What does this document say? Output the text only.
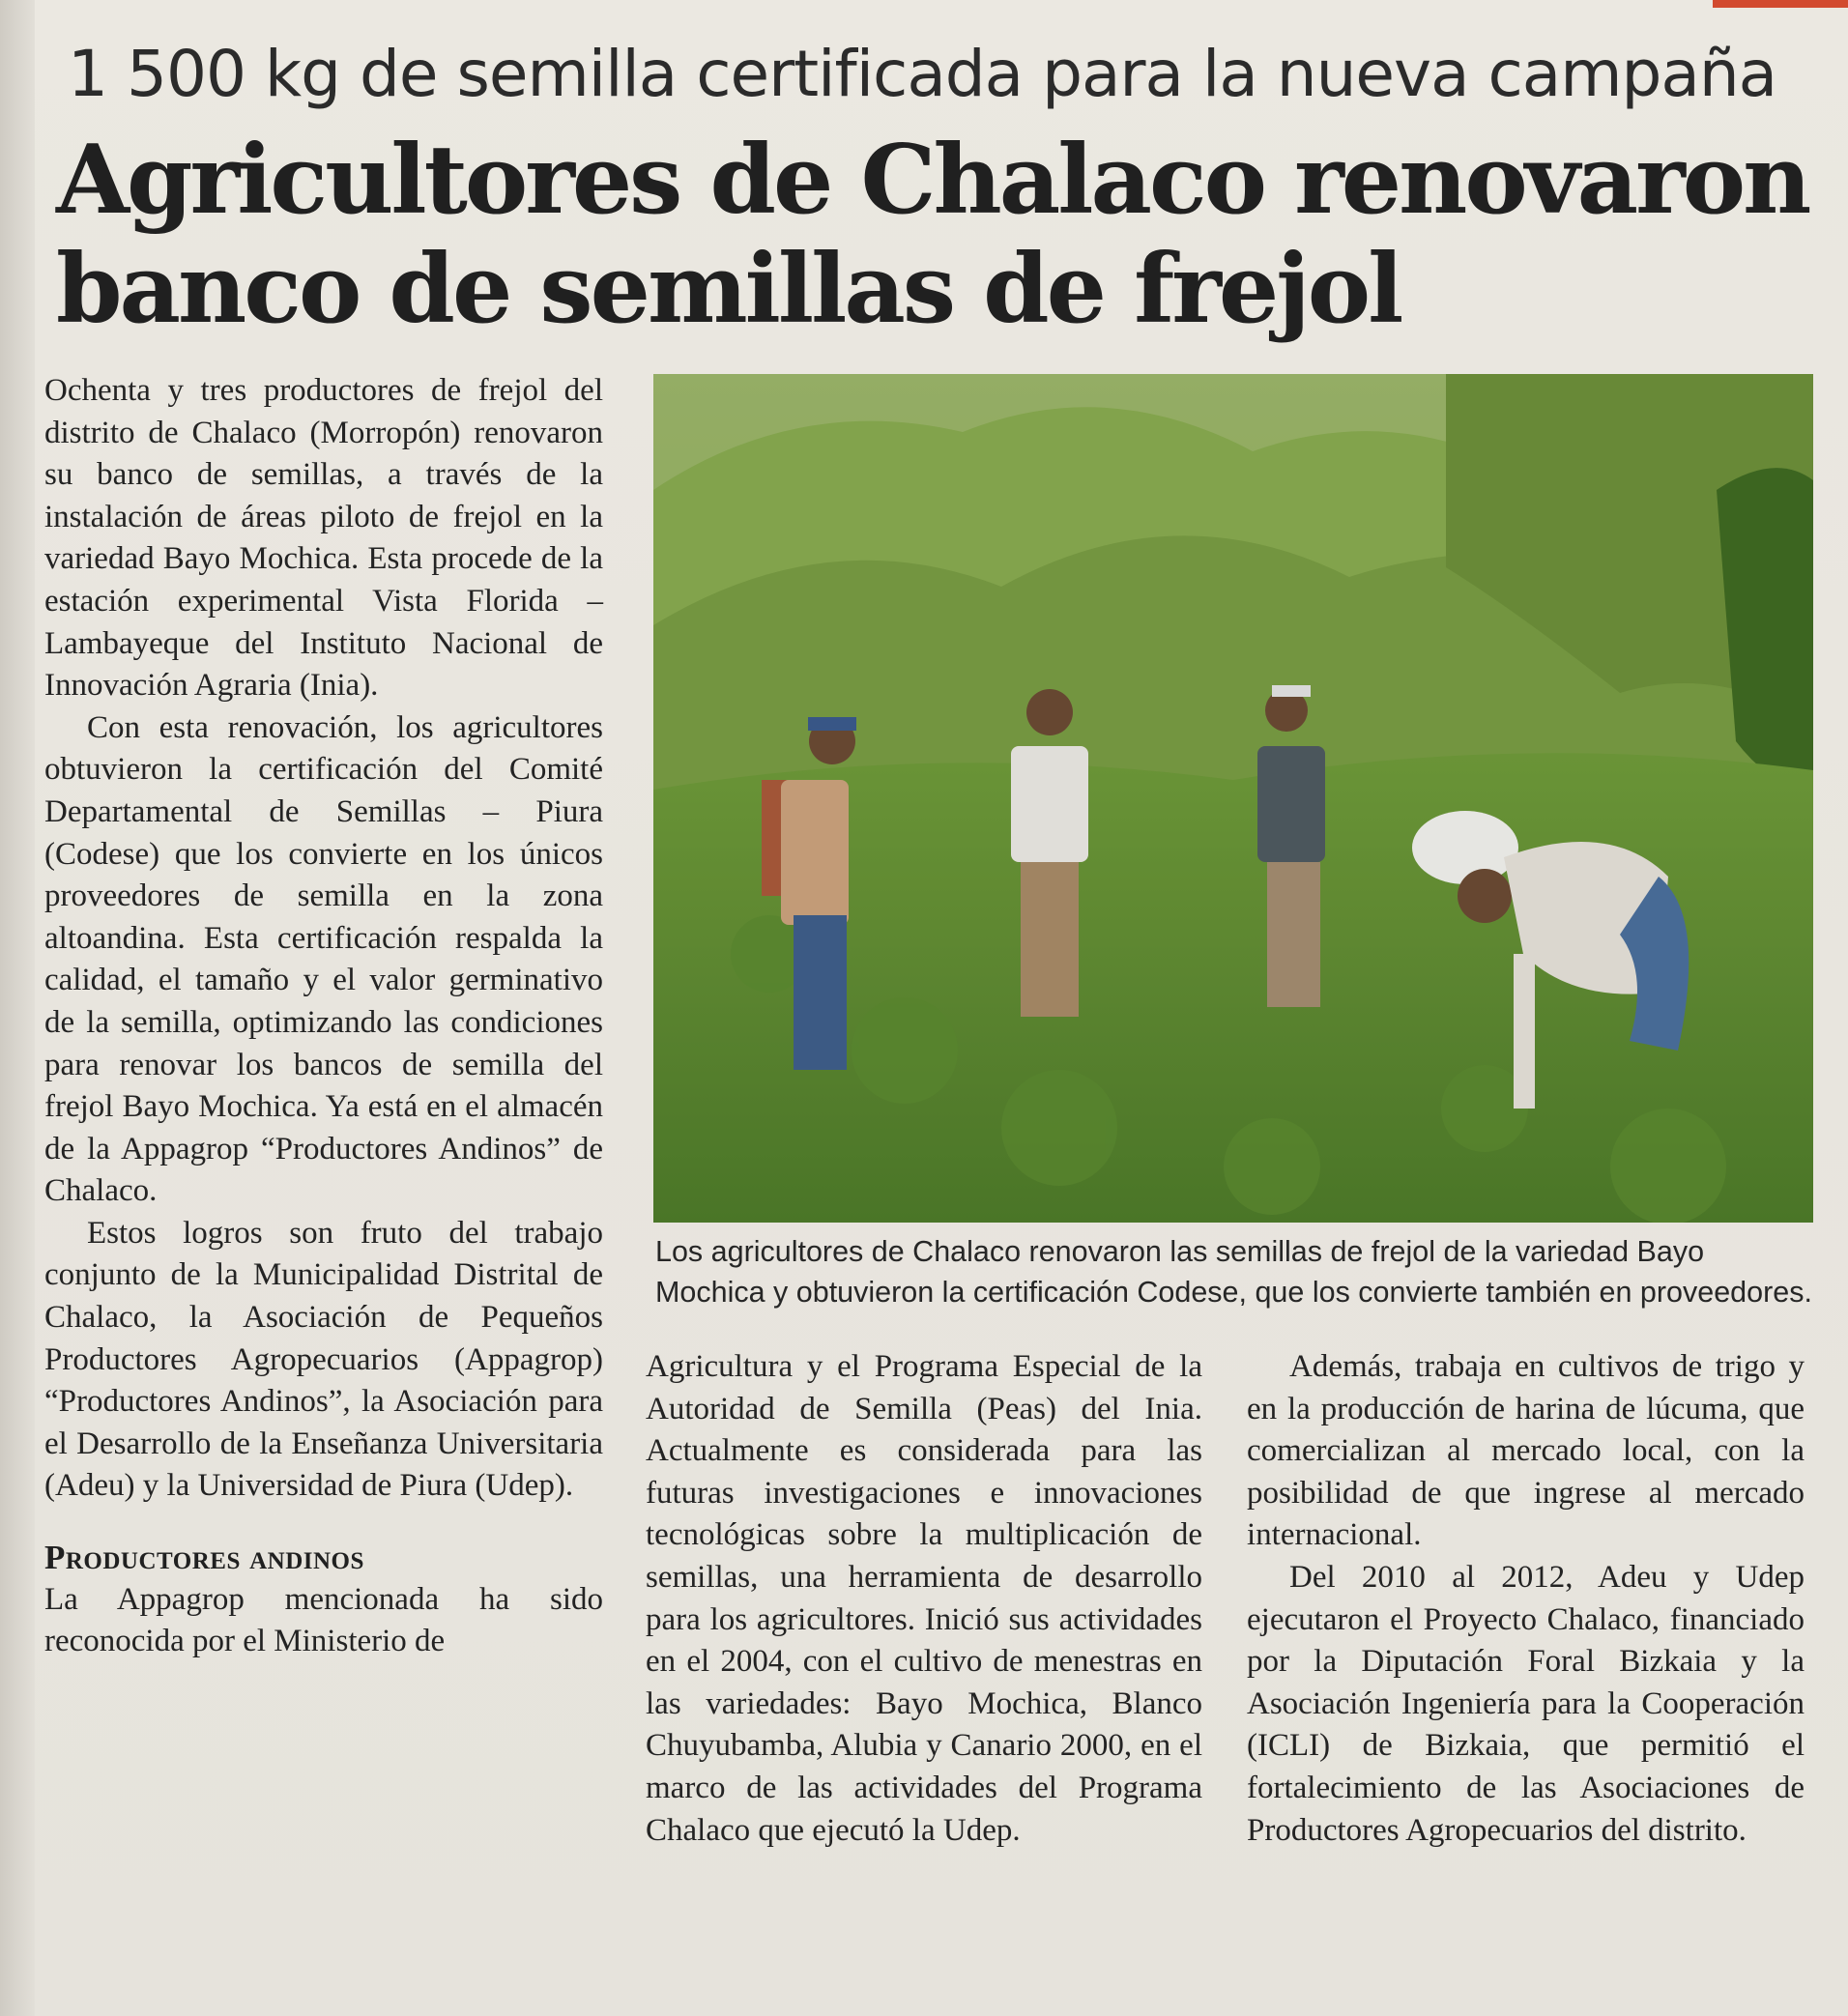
1 500 kg de semilla certificada para la nueva campaña
Agricultores de Chalaco renovaron banco de semillas de frejol

Ochenta y tres productores de frejol del distrito de Chalaco (Morropón) renovaron su banco de semillas, a través de la instalación de áreas piloto de frejol en la variedad Bayo Mochica. Esta procede de la estación experimental Vista Florida – Lambayeque del Instituto Nacional de Innovación Agraria (Inia).

Con esta renovación, los agricultores obtuvieron la certificación del Comité Departamental de Semillas – Piura (Codese) que los convierte en los únicos proveedores de semilla en la zona altoandina. Esta certificación respalda la calidad, el tamaño y el valor germinativo de la semilla, optimizando las condiciones para renovar los bancos de semilla del frejol Bayo Mochica. Ya está en el almacén de la Appagrop “Productores Andinos” de Chalaco.

Estos logros son fruto del trabajo conjunto de la Municipalidad Distrital de Chalaco, la Asociación de Pequeños Productores Agropecuarios (Appagrop) “Productores Andinos”, la Asociación para el Desarrollo de la Enseñanza Universitaria (Adeu) y la Universidad de Piura (Udep).

Productores andinos

La Appagrop mencionada ha sido reconocida por el Ministerio de

Los agricultores de Chalaco renovaron las semillas de frejol de la variedad Bayo Mochica y obtuvieron la certificación Codese, que los convierte también en proveedores.

Agricultura y el Programa Especial de la Autoridad de Semilla (Peas) del Inia. Actualmente es considerada para las futuras investigaciones e innovaciones tecnológicas sobre la multiplicación de semillas, una herramienta de desarrollo para los agricultores. Inició sus actividades en el 2004, con el cultivo de menestras en las variedades: Bayo Mochica, Blanco Chuyubamba, Alubia y Canario 2000, en el marco de las actividades del Programa Chalaco que ejecutó la Udep.

Además, trabaja en cultivos de trigo y en la producción de harina de lúcuma, que comercializan al mercado local, con la posibilidad de que ingrese al mercado internacional.

Del 2010 al 2012, Adeu y Udep ejecutaron el Proyecto Chalaco, financiado por la Diputación Foral Bizkaia y la Asociación Ingeniería para la Cooperación (ICLI) de Bizkaia, que permitió el fortalecimiento de las Asociaciones de Productores Agropecuarios del distrito.
